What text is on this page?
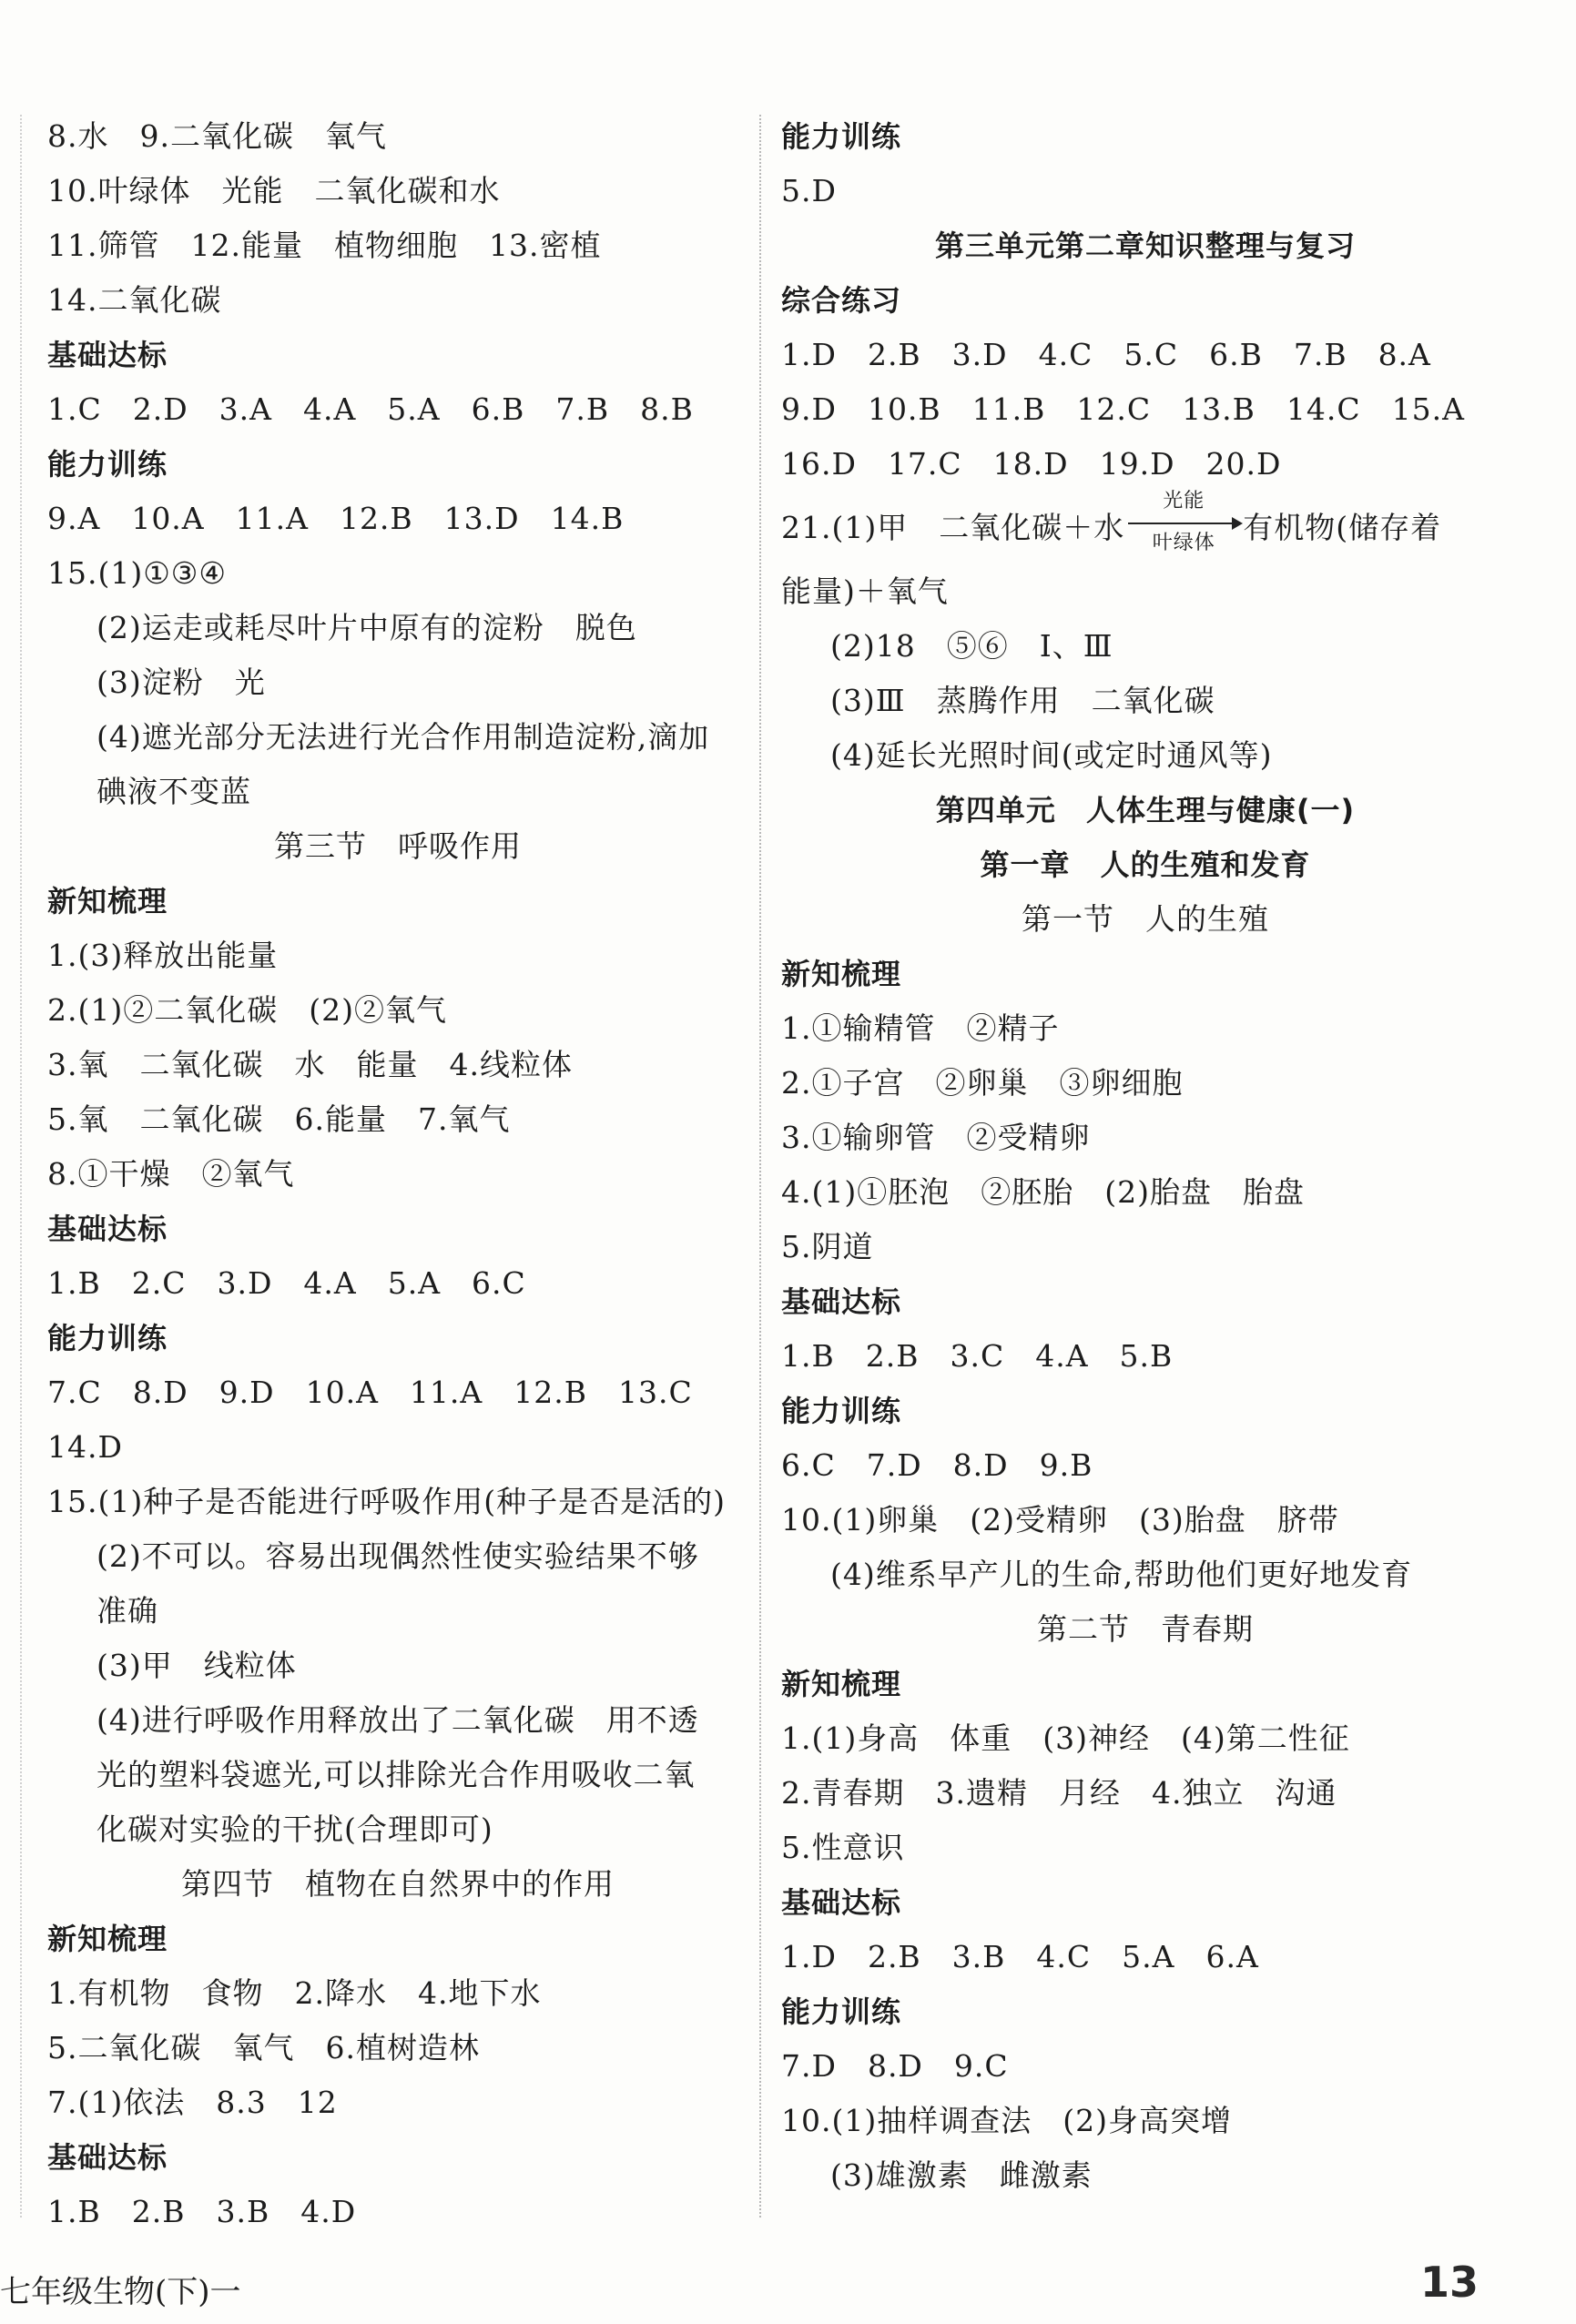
8.水　9.二氧化碳　氧气
10.叶绿体　光能　二氧化碳和水
11.筛管　12.能量　植物细胞　13.密植
14.二氧化碳
基础达标
1.C　2.D　3.A　4.A　5.A　6.B　7.B　8.B
能力训练
9.A　10.A　11.A　12.B　13.D　14.B
15.(1)①③④
(2)运走或耗尽叶片中原有的淀粉　脱色
(3)淀粉　光
(4)遮光部分无法进行光合作用制造淀粉,滴加
碘液不变蓝
第三节　呼吸作用
新知梳理
1.(3)释放出能量
2.(1)②二氧化碳　(2)②氧气
3.氧　二氧化碳　水　能量　4.线粒体
5.氧　二氧化碳　6.能量　7.氧气
8.①干燥　②氧气
基础达标
1.B　2.C　3.D　4.A　5.A　6.C
能力训练
7.C　8.D　9.D　10.A　11.A　12.B　13.C
14.D
15.(1)种子是否能进行呼吸作用(种子是否是活的)
(2)不可以。容易出现偶然性使实验结果不够
准确
(3)甲　线粒体
(4)进行呼吸作用释放出了二氧化碳　用不透
光的塑料袋遮光,可以排除光合作用吸收二氧
化碳对实验的干扰(合理即可)
第四节　植物在自然界中的作用
新知梳理
1.有机物　食物　2.降水　4.地下水
5.二氧化碳　氧气　6.植树造林
7.(1)依法　8.3　12
基础达标
1.B　2.B　3.B　4.D
能力训练
5.D
第三单元第二章知识整理与复习
综合练习
1.D　2.B　3.D　4.C　5.C　6.B　7.B　8.A
9.D　10.B　11.B　12.C　13.B　14.C　15.A
16.D　17.C　18.D　19.D　20.D
21.(1)甲　二氧化碳＋水
光能
叶绿体 有机物(储存着
能量)＋氧气
(2)18　⑤⑥　Ⅰ、Ⅲ
(3)Ⅲ　蒸腾作用　二氧化碳
(4)延长光照时间(或定时通风等)
第四单元　人体生理与健康(一)
第一章　人的生殖和发育
第一节　人的生殖
新知梳理
1.①输精管　②精子
2.①子宫　②卵巢　③卵细胞
3.①输卵管　②受精卵
4.(1)①胚泡　②胚胎　(2)胎盘　胎盘
5.阴道
基础达标
1.B　2.B　3.C　4.A　5.B
能力训练
6.C　7.D　8.D　9.B
10.(1)卵巢　(2)受精卵　(3)胎盘　脐带
(4)维系早产儿的生命,帮助他们更好地发育
第二节　青春期
新知梳理
1.(1)身高　体重　(3)神经　(4)第二性征
2.青春期　3.遗精　月经　4.独立　沟通
5.性意识
基础达标
1.D　2.B　3.B　4.C　5.A　6.A
能力训练
7.D　8.D　9.C
10.(1)抽样调查法　(2)身高突增
(3)雄激素　雌激素
七年级生物(下)一	13
